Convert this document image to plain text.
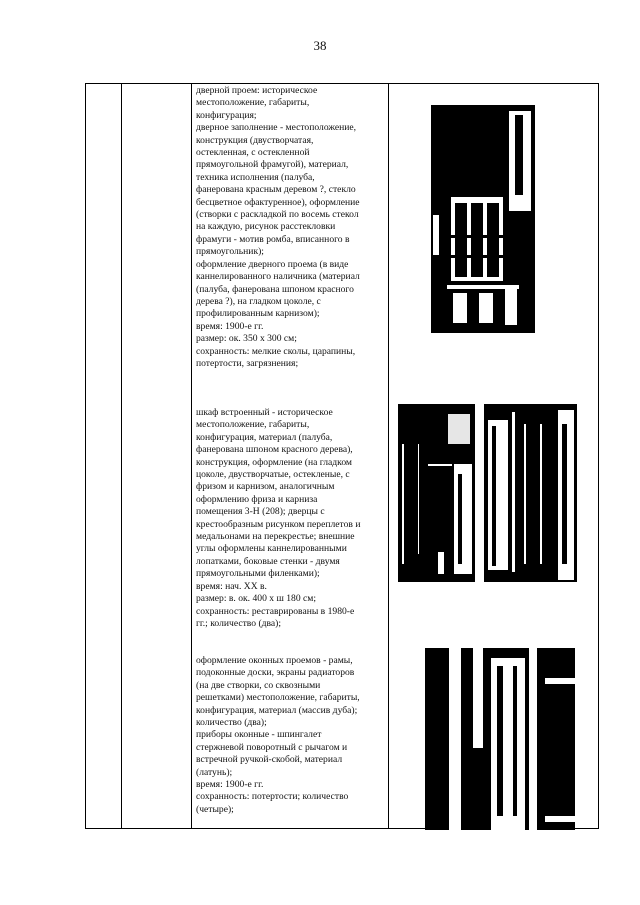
38
дверной проем: историческое
местоположение, габариты,
конфигурация;
дверное заполнение - местоположение,
конструкция (двустворчатая,
остекленная, с остекленной
прямоугольной фрамугой), материал,
техника исполнения (палуба,
фанерована красным деревом ?, стекло
бесцветное офактуренное), оформление
(створки с раскладкой по восемь стекол
на каждую, рисунок расстекловки
фрамуги - мотив ромба, вписанного в
прямоугольник);
оформление дверного проема (в виде
каннелированного наличника (материал
(палуба, фанерована шпоном красного
дерева ?), на гладком цоколе, с
профилированным карнизом);
время: 1900-е гг.
размер: ок. 350 х 300 см;
сохранность: мелкие сколы, царапины,
потертости, загрязнения;
шкаф встроенный - историческое
местоположение, габариты,
конфигурация, материал (палуба,
фанерована шпоном красного дерева),
конструкция, оформление (на гладком
цоколе, двустворчатые, остекленые, с
фризом и карнизом, аналогичным
оформлению фриза и карниза
помещения 3-Н (208); дверцы с
крестообразным рисунком переплетов и
медальонами на перекрестье; внешние
углы оформлены каннелированными
лопатками, боковые стенки - двумя
прямоугольными филенками);
время: нач. XX в.
размер: в. ок. 400 х ш 180 см;
сохранность: реставрированы в 1980-е
гг.; количество (два);
оформление оконных проемов - рамы,
подоконные доски, экраны радиаторов
(на две створки, со сквозными
решетками) местоположение, габариты,
конфигурация, материал (массив дуба);
количество (два);
приборы оконные - шпингалет
стержневой поворотный с рычагом и
встречной ручкой-скобой, материал
(латунь);
время: 1900-е гг.
сохранность: потертости; количество
(четыре);
